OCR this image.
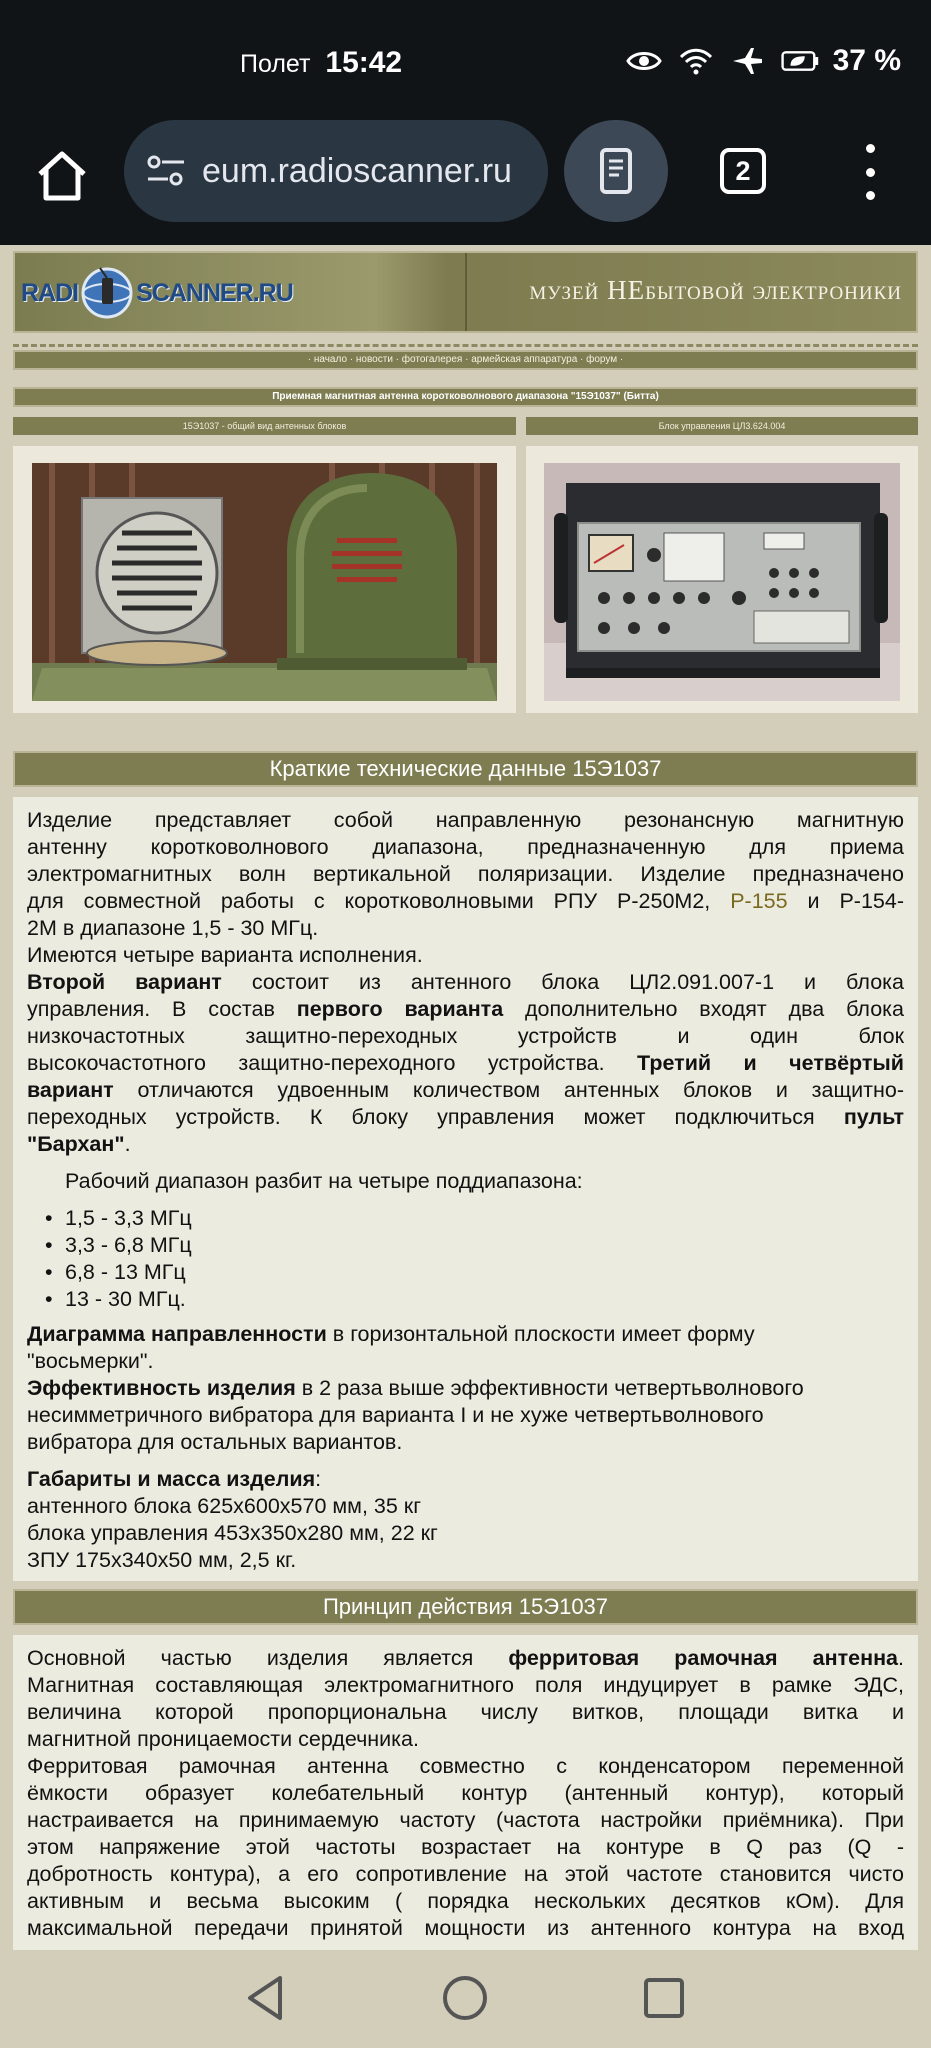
Полет 15:42	37 %
eum.radioscanner.ru	2
RADI SCANNER.RU	музей НЕбытовой электроники
· начало · новости · фотогалерея · армейская аппаратура · форум ·
Приемная магнитная антенна коротковолнового диапазона "15Э1037" (Битта)
15Э1037 - общий вид антенных блоков	Блок управления ЦЛ3.624.004
Краткие технические данные 15Э1037
Изделие представляет собой направленную резонансную магнитную
антенну коротковолнового диапазона, предназначенную для приема
электромагнитных волн вертикальной поляризации. Изделие предназначено
для совместной работы с коротковолновыми РПУ Р-250М2, Р-155 и Р-154-
2М в диапазоне 1,5 - 30 МГц.
Имеются четыре варианта исполнения.
Второй вариант состоит из антенного блока ЦЛ2.091.007-1 и блока
управления. В состав первого варианта дополнительно входят два блока
низкочастотных защитно-переходных устройств и один блок
высокочастотного защитно-переходного устройства. Третий и четвёртый
вариант отличаются удвоенным количеством антенных блоков и защитно-
переходных устройств. К блоку управления может подключиться пульт
"Бархан".
Рабочий диапазон разбит на четыре поддиапазона:
• 1,5 - 3,3 МГц
• 3,3 - 6,8 МГц
• 6,8 - 13 МГц
• 13 - 30 МГц.
Диаграмма направленности в горизонтальной плоскости имеет форму
"восьмерки".
Эффективность изделия в 2 раза выше эффективности четвертьволнового
несимметричного вибратора для варианта I и не хуже четвертьволнового
вибратора для остальных вариантов.
Габариты и масса изделия:
антенного блока 625x600x570 мм, 35 кг
блока управления 453x350x280 мм, 22 кг
ЗПУ 175x340x50 мм, 2,5 кг.
Принцип действия 15Э1037
Основной частью изделия является ферритовая рамочная антенна.
Магнитная составляющая электромагнитного поля индуцирует в рамке ЭДС,
величина которой пропорциональна числу витков, площади витка и
магнитной проницаемости сердечника.
Ферритовая рамочная антенна совместно с конденсатором переменной
ёмкости образует колебательный контур (антенный контур), который
настраивается на принимаемую частоту (частота настройки приёмника). При
этом напряжение этой частоты возрастает на контуре в Q раз (Q -
добротность контура), а его сопротивление на этой частоте становится чисто
активным и весьма высоким ( порядка нескольких десятков кОм). Для
максимальной передачи принятой мощности из антенного контура на вход
